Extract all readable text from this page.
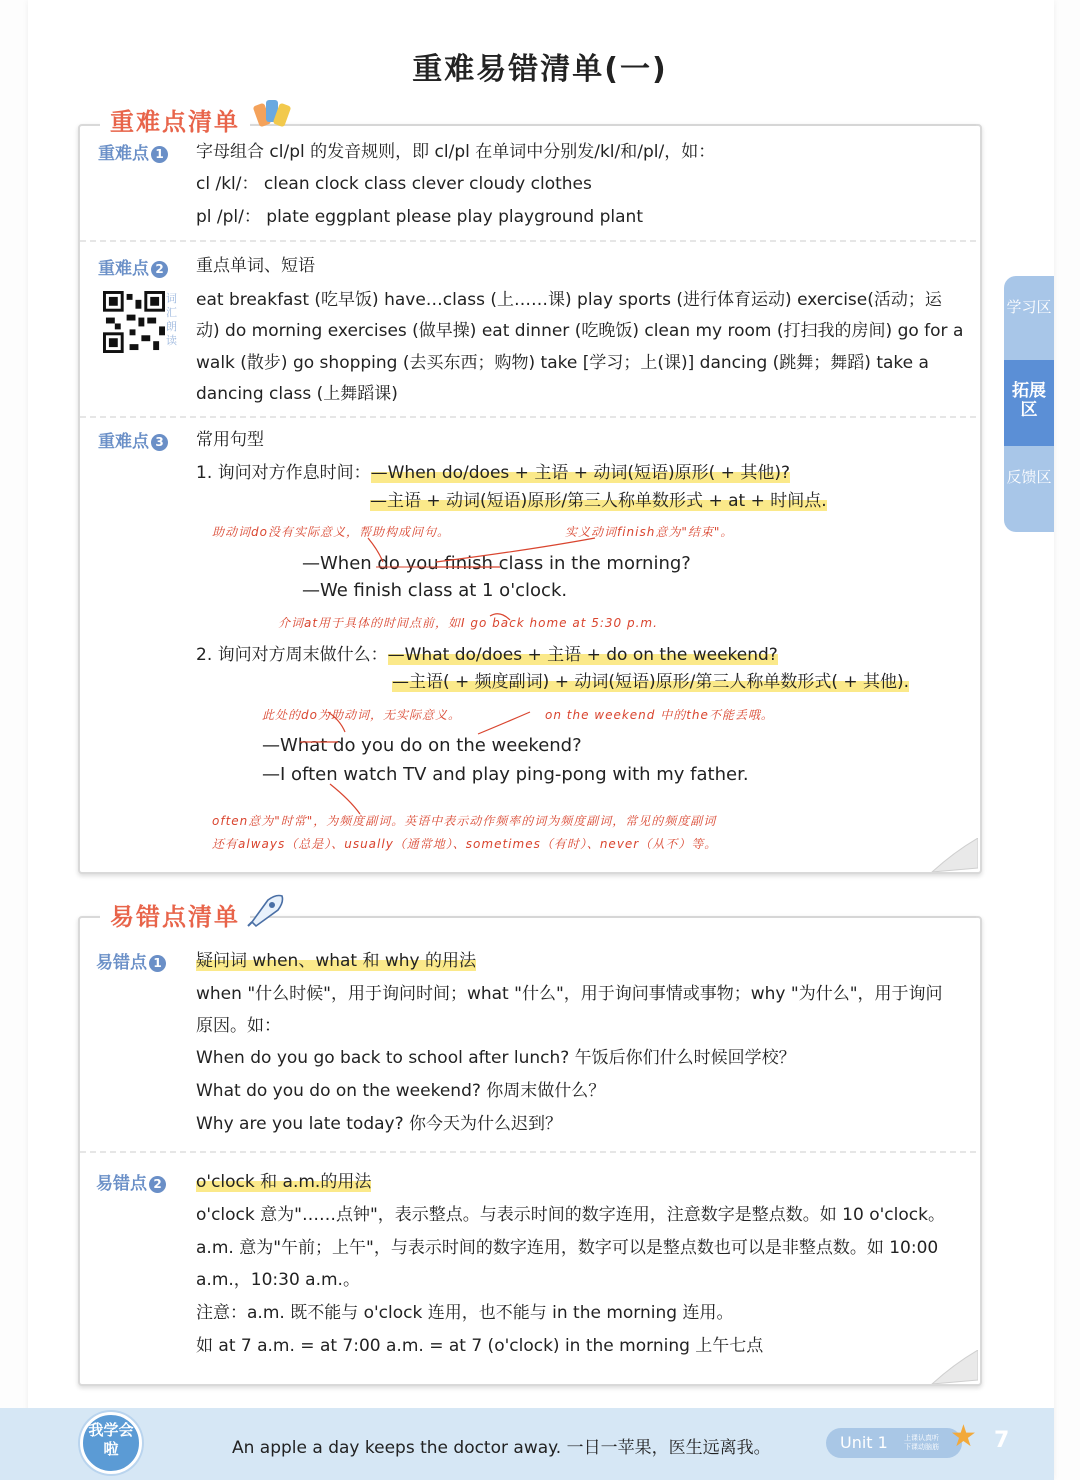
重难易错清单(一)
重难点清单
重难点 1 字母组合 cl/pl 的发音规则，即 cl/pl 在单词中分别发/kl/和/pl/，如：
cl /kl/： clean clock class clever cloudy clothes
pl /pl/： plate eggplant please play playground plant
重难点 2
词汇朗读
重点单词、短语
eat breakfast (吃早饭) have…class (上……课) play sports (进行体育运动) exercise(活动；运
动) do morning exercises (做早操) eat dinner (吃晚饭) clean my room (打扫我的房间) go for a
walk (散步) go shopping (去买东西；购物) take [学习；上(课)] dancing (跳舞；舞蹈) take a
dancing class (上舞蹈课)
重难点 3 常用句型
1. 询问对方作息时间：—When do/does + 主语 + 动词(短语)原形( + 其他)?
—主语 + 动词(短语)原形/第三人称单数形式 + at + 时间点.
助动词do没有实际意义，帮助构成问句。	实义动词finish意为"结束"。
—When do you finish class in the morning?
—We finish class at 1 o'clock.
介词at用于具体的时间点前，如I go back home at 5:30 p.m.
2. 询问对方周末做什么：—What do/does + 主语 + do on the weekend?
—主语( + 频度副词) + 动词(短语)原形/第三人称单数形式( + 其他).
此处的do为助动词，无实际意义。	on the weekend 中的the不能丢哦。
—What do you do on the weekend?
—I often watch TV and play ping-pong with my father.
often意为"时常"，为频度副词。英语中表示动作频率的词为频度副词，常见的频度副词
还有always（总是）、usually（通常地）、sometimes（有时）、never（从不）等。
易错点清单
易错点 1 疑问词 when、what 和 why 的用法
when "什么时候"，用于询问时间；what "什么"，用于询问事情或事物；why "为什么"，用于询问
原因。如：
When do you go back to school after lunch? 午饭后你们什么时候回学校？
What do you do on the weekend? 你周末做什么？
Why are you late today? 你今天为什么迟到？
易错点 2 o'clock 和 a.m.的用法
o'clock 意为"……点钟"，表示整点。与表示时间的数字连用，注意数字是整点数。如 10 o'clock。
a.m. 意为"午前；上午"，与表示时间的数字连用，数字可以是整点数也可以是非整点数。如 10:00
a.m.，10:30 a.m.。
注意：a.m. 既不能与 o'clock 连用，也不能与 in the morning 连用。
如 at 7 a.m. = at 7:00 a.m. = at 7 (o'clock) in the morning 上午七点
学习区
拓展区
反馈区
我学会啦	An apple a day keeps the doctor away. 一日一苹果，医生远离我。	Unit 1 上课认真听 下课动脑筋 ★ 7
